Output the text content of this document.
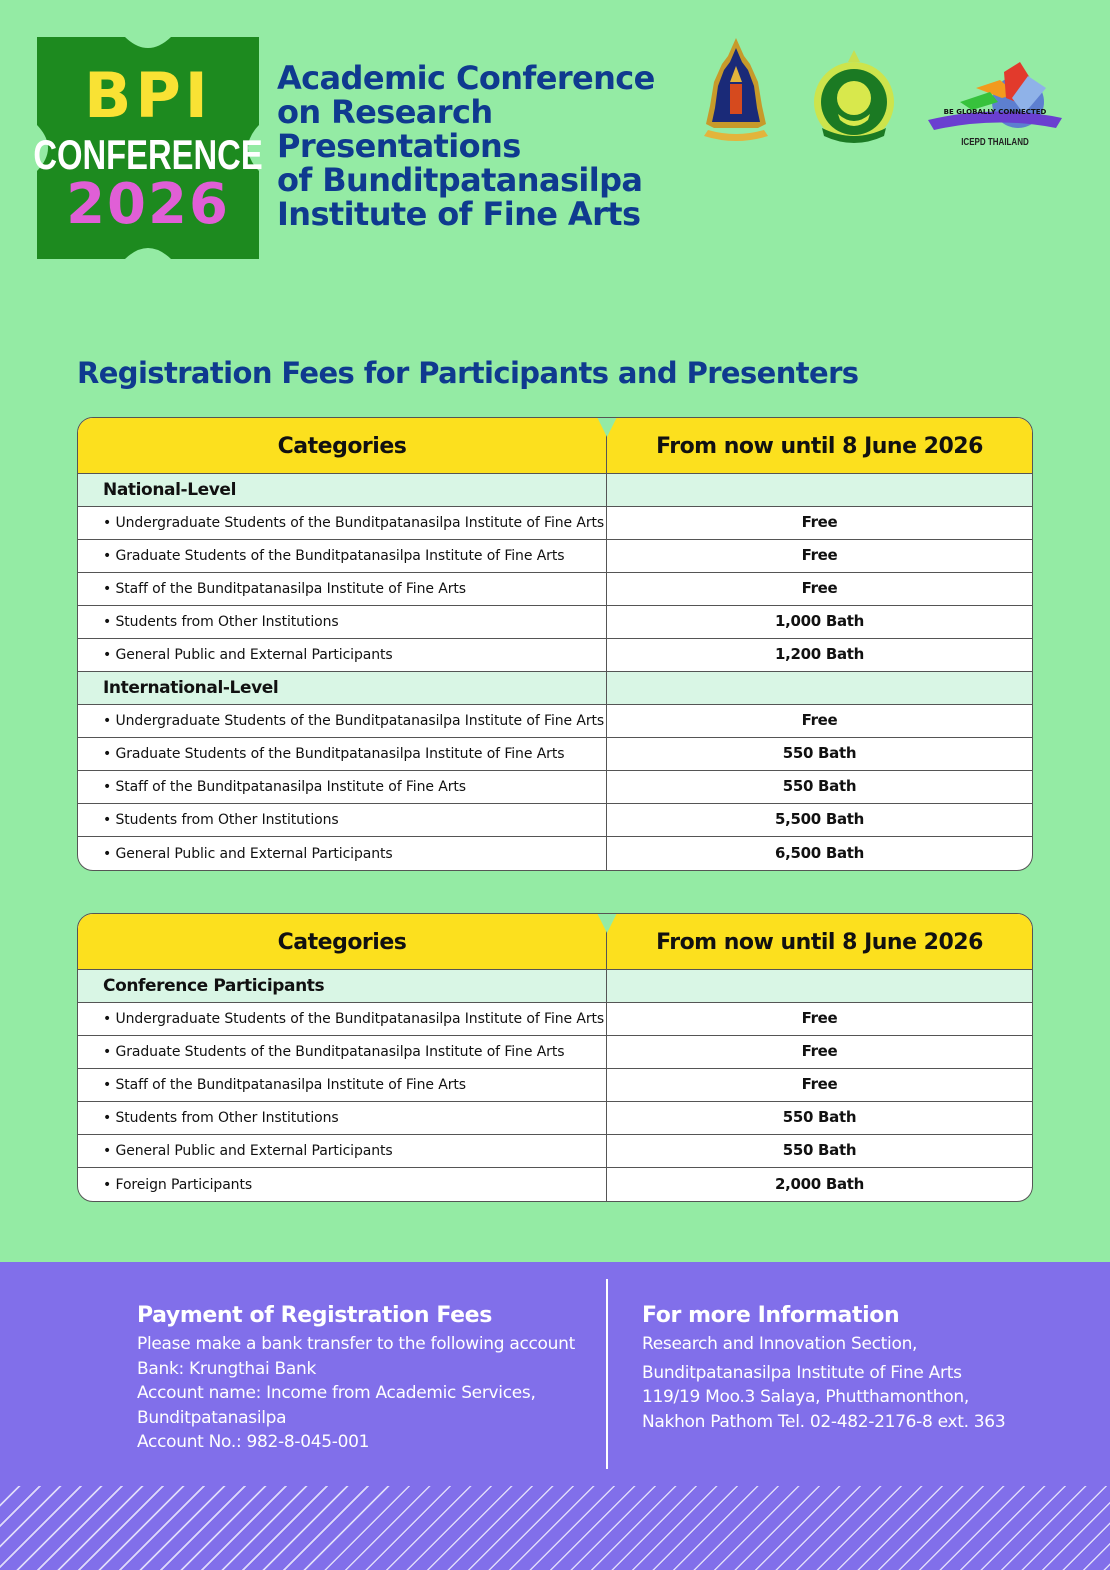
BPI
CONFERENCE
2026
Academic Conference
on Research
Presentations
of Bunditpatanasilpa
Institute of Fine Arts
BE GLOBALLY CONNECTED
ICEPD THAILAND
Registration Fees for Participants and Presenters
Categories	From now until 8 June 2026
National-Level
• Undergraduate Students of the Bunditpatanasilpa Institute of Fine Arts	Free
• Graduate Students of the Bunditpatanasilpa Institute of Fine Arts	Free
• Staff of the Bunditpatanasilpa Institute of Fine Arts	Free
• Students from Other Institutions	1,000 Bath
• General Public and External Participants	1,200 Bath
International-Level
• Undergraduate Students of the Bunditpatanasilpa Institute of Fine Arts	Free
• Graduate Students of the Bunditpatanasilpa Institute of Fine Arts	550 Bath
• Staff of the Bunditpatanasilpa Institute of Fine Arts	550 Bath
• Students from Other Institutions	5,500 Bath
• General Public and External Participants	6,500 Bath
Categories	From now until 8 June 2026
Conference Participants
• Undergraduate Students of the Bunditpatanasilpa Institute of Fine Arts	Free
• Graduate Students of the Bunditpatanasilpa Institute of Fine Arts	Free
• Staff of the Bunditpatanasilpa Institute of Fine Arts	Free
• Students from Other Institutions	550 Bath
• General Public and External Participants	550 Bath
• Foreign Participants	2,000 Bath
Payment of Registration Fees
Please make a bank transfer to the following account
Bank: Krungthai Bank
Account name: Income from Academic Services,
Bunditpatanasilpa
Account No.: 982-8-045-001
For more Information
Research and Innovation Section,
Bunditpatanasilpa Institute of Fine Arts
119/19 Moo.3 Salaya, Phutthamonthon,
Nakhon Pathom Tel. 02-482-2176-8 ext. 363
